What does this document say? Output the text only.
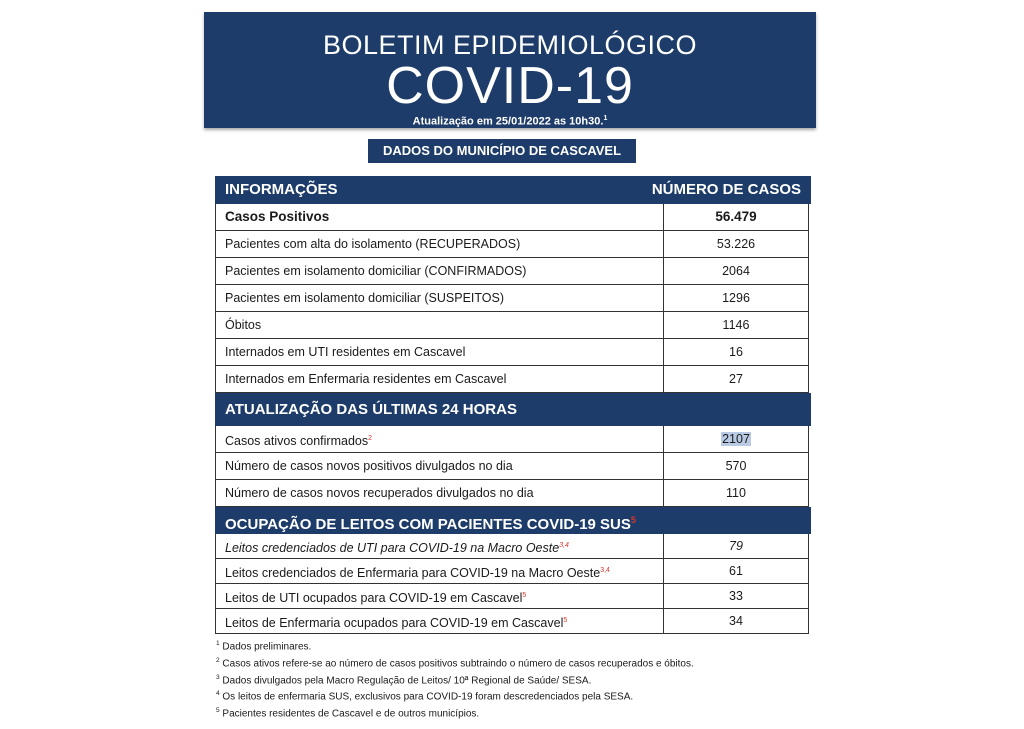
BOLETIM EPIDEMIOLÓGICO
COVID-19
Atualização em 25/01/2022 as 10h30.$^1$
DADOS DO MUNICÍPIO DE CASCAVEL
INFORMAÇÕES	NÚMERO DE CASOS
Casos Positivos	56.479
Pacientes com alta do isolamento (RECUPERADOS)	53.226
Pacientes em isolamento domiciliar (CONFIRMADOS)	2064
Pacientes em isolamento domiciliar (SUSPEITOS)	1296
Óbitos	1146
Internados em UTI residentes em Cascavel	16
Internados em Enfermaria residentes em Cascavel	27
ATUALIZAÇÃO DAS ÚLTIMAS 24 HORAS
Casos ativos confirmados$^2$	2107
Número de casos novos positivos divulgados no dia	570
Número de casos novos recuperados divulgados no dia	110
OCUPAÇÃO DE LEITOS COM PACIENTES COVID-19 SUS$^5$
Leitos credenciados de UTI para COVID-19 na Macro Oeste$^{3,4}$	79
Leitos credenciados de Enfermaria para COVID-19 na Macro Oeste$^{3,4}$	61
Leitos de UTI ocupados para COVID-19 em Cascavel$^5$	33
Leitos de Enfermaria ocupados para COVID-19 em Cascavel$^5$	34
$^1$ Dados preliminares.
$^2$ Casos ativos refere-se ao número de casos positivos subtraindo o número de casos recuperados e óbitos.
$^3$ Dados divulgados pela Macro Regulação de Leitos/ 10ª Regional de Saúde/ SESA.
$^4$ Os leitos de enfermaria SUS, exclusivos para COVID-19 foram descredenciados pela SESA.
$^5$ Pacientes residentes de Cascavel e de outros municípios.
